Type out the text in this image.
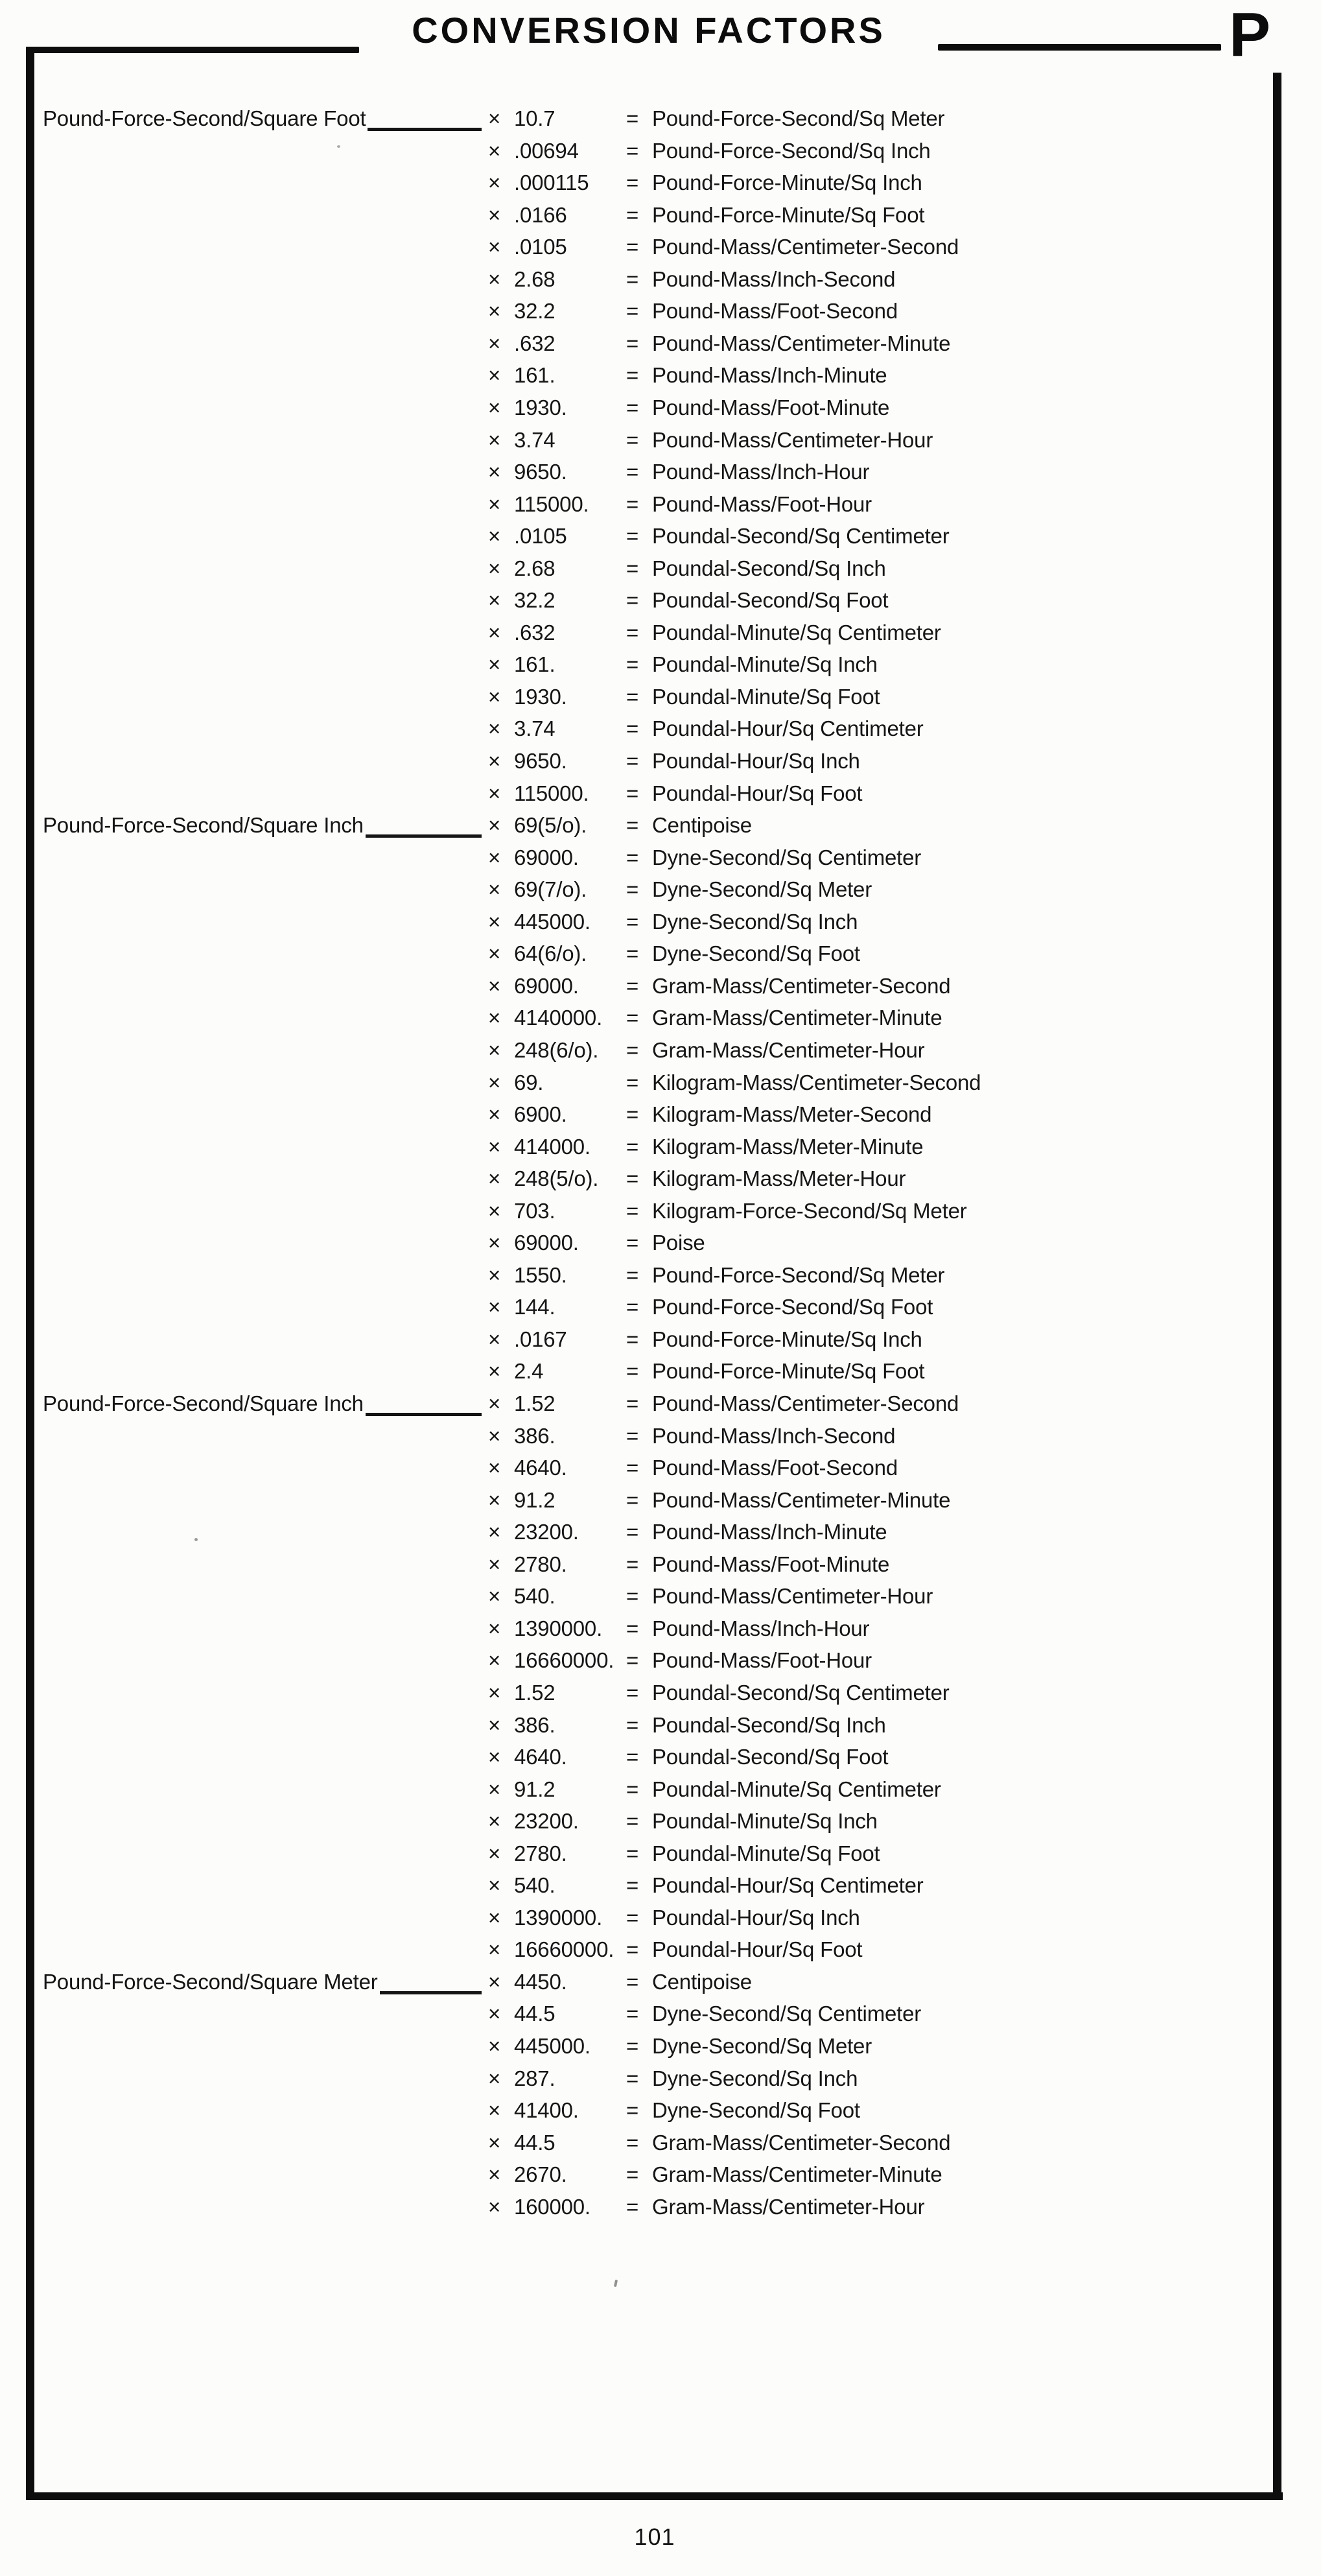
CONVERSION FACTORS	P
Pound-Force-Second/Square Foot	× 10.7	= Pound-Force-Second/Sq Meter
× .00694 = Pound-Force-Second/Sq Inch
× .000115 = Pound-Force-Minute/Sq Inch
× .0166	= Pound-Force-Minute/Sq Foot
× .0105	= Pound-Mass/Centimeter-Second
× 2.68	= Pound-Mass/Inch-Second
× 32.2	= Pound-Mass/Foot-Second
× .632	= Pound-Mass/Centimeter-Minute
× 161.	= Pound-Mass/Inch-Minute
× 1930.	= Pound-Mass/Foot-Minute
× 3.74	= Pound-Mass/Centimeter-Hour
× 9650.	= Pound-Mass/Inch-Hour
× 115000. = Pound-Mass/Foot-Hour
× .0105	= Poundal-Second/Sq Centimeter
× 2.68	= Poundal-Second/Sq Inch
× 32.2	= Poundal-Second/Sq Foot
× .632	= Poundal-Minute/Sq Centimeter
× 161.	= Poundal-Minute/Sq Inch
× 1930.	= Poundal-Minute/Sq Foot
× 3.74	= Poundal-Hour/Sq Centimeter
× 9650.	= Poundal-Hour/Sq Inch
× 115000. = Poundal-Hour/Sq Foot
Pound-Force-Second/Square Inch	× 69(5/o). = Centipoise
× 69000. = Dyne-Second/Sq Centimeter
× 69(7/o). = Dyne-Second/Sq Meter
× 445000. = Dyne-Second/Sq Inch
× 64(6/o). = Dyne-Second/Sq Foot
× 69000. = Gram-Mass/Centimeter-Second
× 4140000. = Gram-Mass/Centimeter-Minute
× 248(6/o). = Gram-Mass/Centimeter-Hour
× 69.	= Kilogram-Mass/Centimeter-Second
× 6900.	= Kilogram-Mass/Meter-Second
× 414000. = Kilogram-Mass/Meter-Minute
× 248(5/o). = Kilogram-Mass/Meter-Hour
× 703.	= Kilogram-Force-Second/Sq Meter
× 69000. = Poise
× 1550.	= Pound-Force-Second/Sq Meter
× 144.	= Pound-Force-Second/Sq Foot
× .0167	= Pound-Force-Minute/Sq Inch
× 2.4	= Pound-Force-Minute/Sq Foot
Pound-Force-Second/Square Inch	× 1.52	= Pound-Mass/Centimeter-Second
× 386.	= Pound-Mass/Inch-Second
× 4640.	= Pound-Mass/Foot-Second
× 91.2	= Pound-Mass/Centimeter-Minute
× 23200. = Pound-Mass/Inch-Minute
× 2780.	= Pound-Mass/Foot-Minute
× 540.	= Pound-Mass/Centimeter-Hour
× 1390000. = Pound-Mass/Inch-Hour
× 16660000. = Pound-Mass/Foot-Hour
× 1.52	= Poundal-Second/Sq Centimeter
× 386.	= Poundal-Second/Sq Inch
× 4640.	= Poundal-Second/Sq Foot
× 91.2	= Poundal-Minute/Sq Centimeter
× 23200. = Poundal-Minute/Sq Inch
× 2780.	= Poundal-Minute/Sq Foot
× 540.	= Poundal-Hour/Sq Centimeter
× 1390000. = Poundal-Hour/Sq Inch
× 16660000. = Poundal-Hour/Sq Foot
Pound-Force-Second/Square Meter	× 4450.	= Centipoise
× 44.5	= Dyne-Second/Sq Centimeter
× 445000. = Dyne-Second/Sq Meter
× 287.	= Dyne-Second/Sq Inch
× 41400. = Dyne-Second/Sq Foot
× 44.5	= Gram-Mass/Centimeter-Second
× 2670.	= Gram-Mass/Centimeter-Minute
× 160000. = Gram-Mass/Centimeter-Hour
101
